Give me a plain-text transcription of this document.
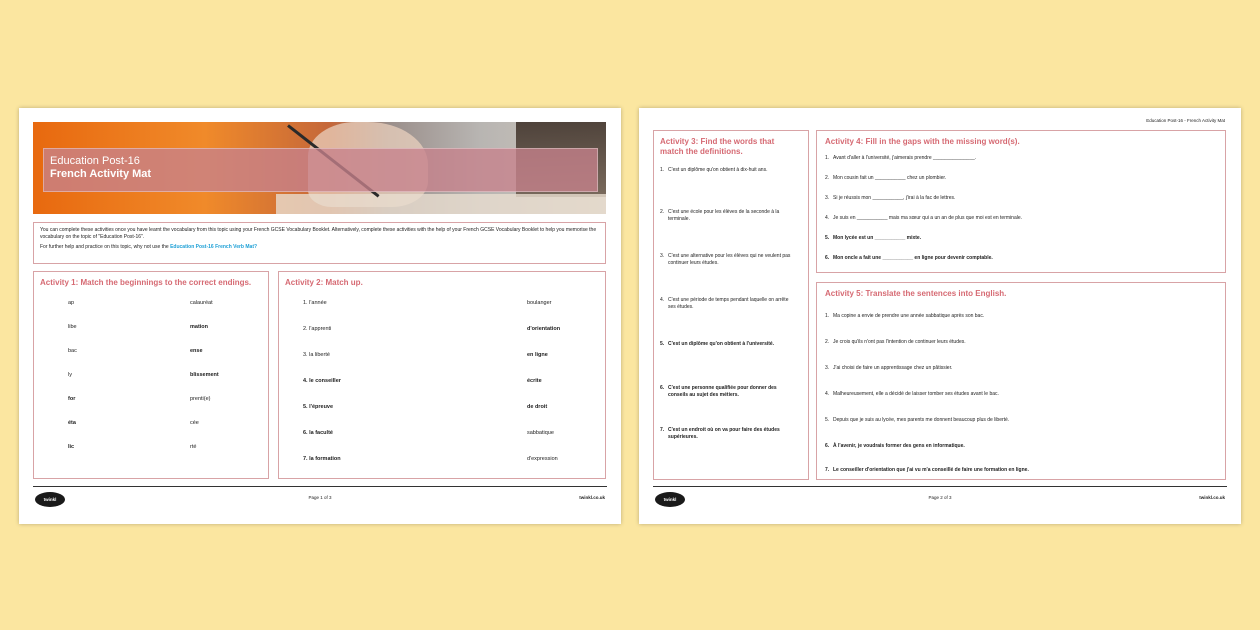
Education Post-16
French Activity Mat

You can complete these activities once you have learnt the vocabulary from this topic using your French GCSE Vocabulary Booklet. Alternatively, complete these activities with the help of your French GCSE Vocabulary Booklet to help you memorise the vocabulary on the topic of "Education Post-16".

For further help and practice on this topic, why not use the Education Post-16 French Verb Mat?

Activity 1: Match the beginnings to the correct endings.
ap	calauréat
libe	mation
bac	ense
ly	blissement
for	prenti(e)
éta	cée
lic	rté
Activity 2: Match up.
1. l'année	boulanger
2. l'apprenti	d'orientation
3. la liberté	en ligne
4. le conseiller	écrite
5. l'épreuve	de droit
6. la faculté	sabbatique
7. la formation	d'expression
twinkl	Page 1 of 3	twinkl.co.uk
Education Post-16 - French Activity Mat
Activity 3: Find the words that
match the definitions.
1. C'est un diplôme qu'on obtient à dix-huit ans.
2. C'est une école pour les élèves de la seconde à la terminale.
3. C'est une alternative pour les élèves qui ne veulent pas continuer leurs études.
4. C'est une période de temps pendant laquelle on arrête ses études.
5. C'est un diplôme qu'on obtient à l'université.
6. C'est une personne qualifiée pour donner des conseils au sujet des métiers.
7. C'est un endroit où on va pour faire des études supérieures.
Activity 4: Fill in the gaps with the missing word(s).
1. Avant d'aller à l'université, j'aimerais prendre _______________.
2. Mon cousin fait un ___________ chez un plombier.
3. Si je réussis mon ___________, j'irai à la fac de lettres.
4. Je suis en ___________ mais ma sœur qui a un an de plus que moi est en terminale.
5. Mon lycée est un ___________ mixte.
6. Mon oncle a fait une ___________ en ligne pour devenir comptable.
Activity 5: Translate the sentences into English.
1. Ma copine a envie de prendre une année sabbatique après son bac.
2. Je crois qu'ils n'ont pas l'intention de continuer leurs études.
3. J'ai choisi de faire un apprentissage chez un pâtissier.
4. Malheureusement, elle a décidé de laisser tomber ses études avant le bac.
5. Depuis que je suis au lycée, mes parents me donnent beaucoup plus de liberté.
6. À l'avenir, je voudrais former des gens en informatique.
7. Le conseiller d'orientation que j'ai vu m'a conseillé de faire une formation en ligne.
twinkl	Page 2 of 3	twinkl.co.uk
